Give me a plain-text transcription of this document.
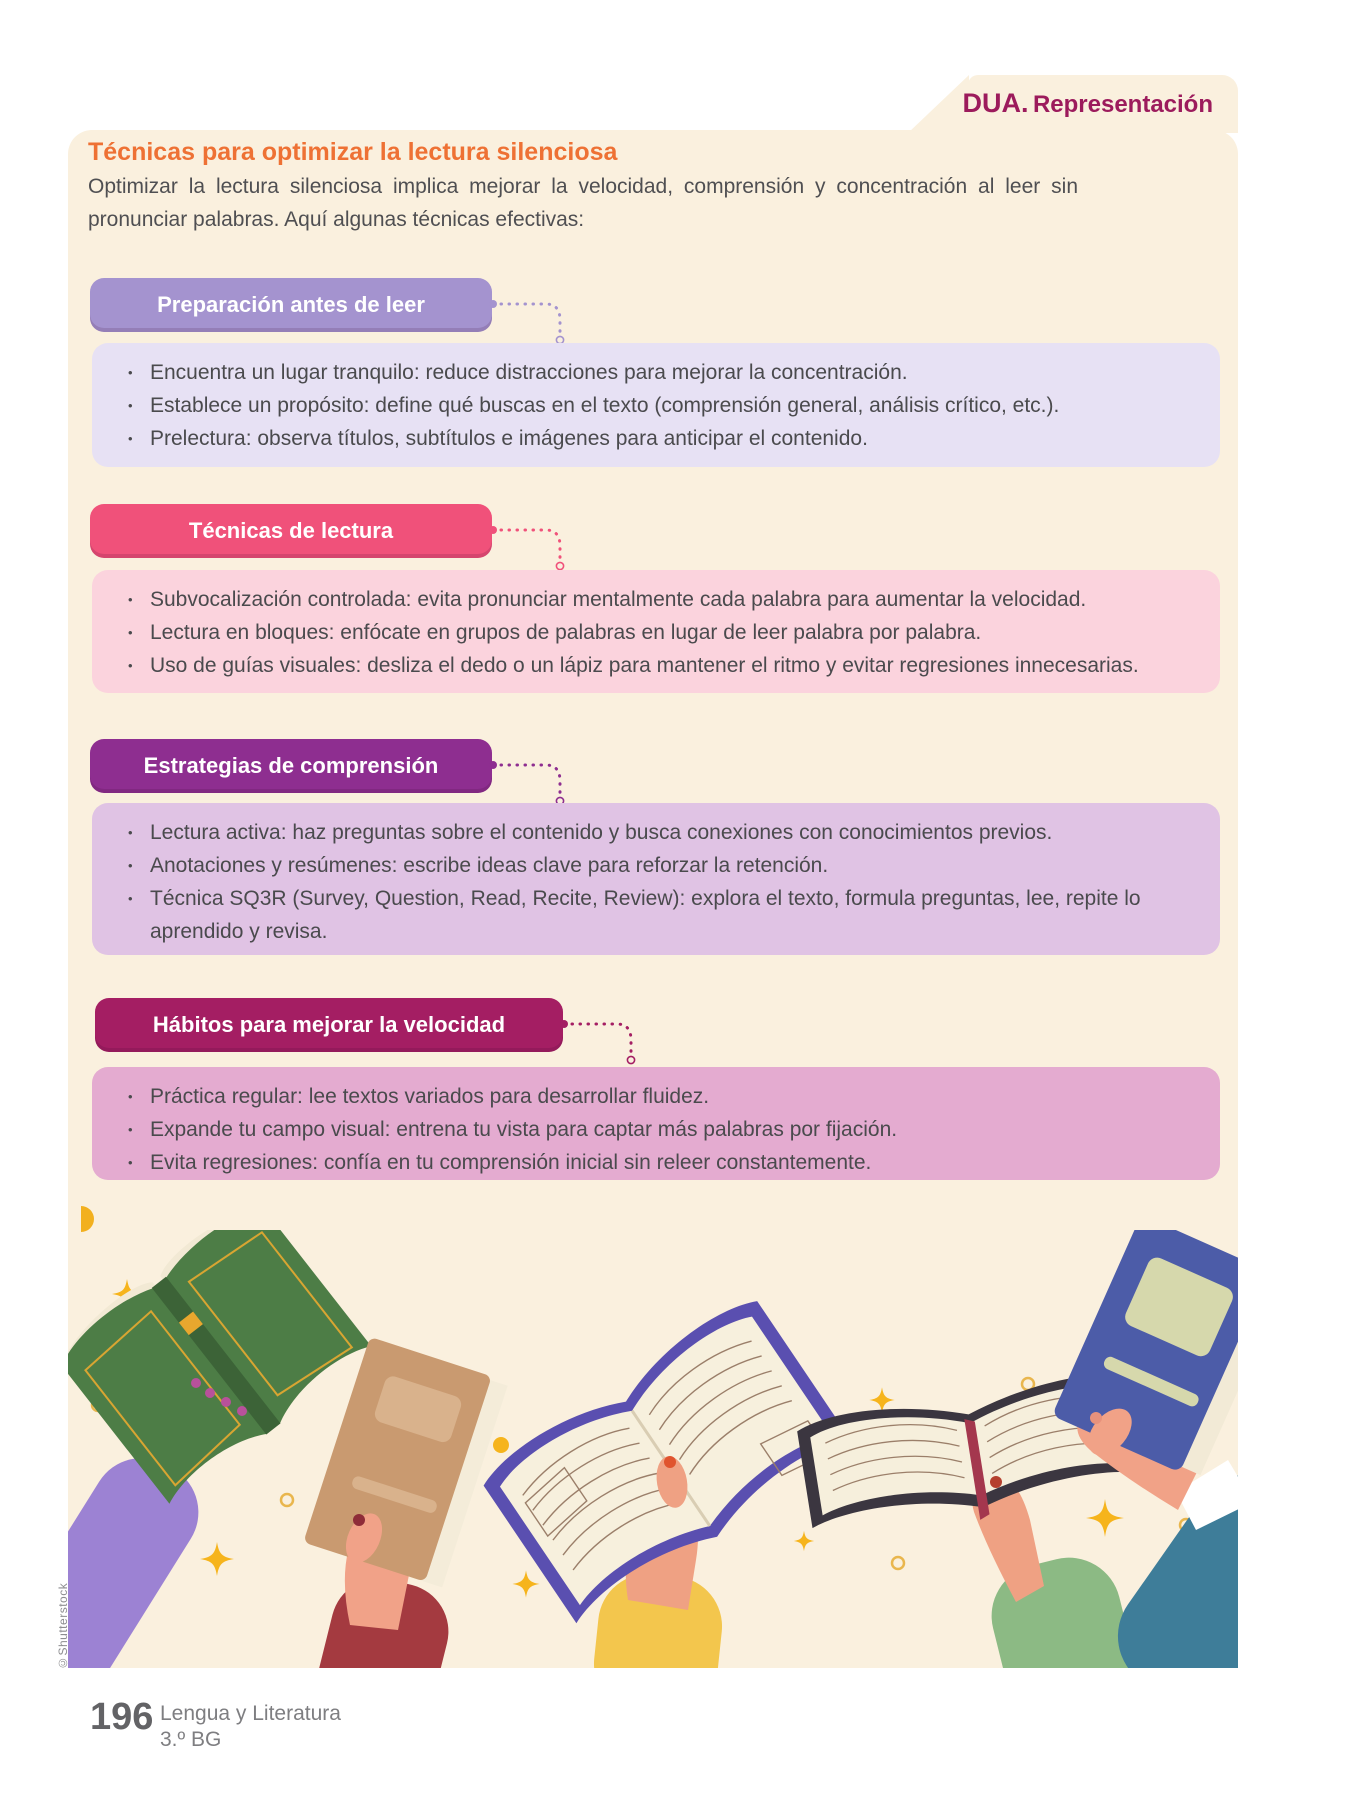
DUA. Representación
Técnicas para optimizar la lectura silenciosa
Optimizar la lectura silenciosa implica mejorar la velocidad, comprensión y concentración al leer sin pronunciar palabras. Aquí algunas técnicas efectivas:
Preparación antes de leer
• Encuentra un lugar tranquilo: reduce distracciones para mejorar la concentración.
• Establece un propósito: define qué buscas en el texto (comprensión general, análisis crítico, etc.).
• Prelectura: observa títulos, subtítulos e imágenes para anticipar el contenido.
Técnicas de lectura
• Subvocalización controlada: evita pronunciar mentalmente cada palabra para aumentar la velocidad.
• Lectura en bloques: enfócate en grupos de palabras en lugar de leer palabra por palabra.
• Uso de guías visuales: desliza el dedo o un lápiz para mantener el ritmo y evitar regresiones innecesarias.
Estrategias de comprensión
• Lectura activa: haz preguntas sobre el contenido y busca conexiones con conocimientos previos.
• Anotaciones y resúmenes: escribe ideas clave para reforzar la retención.
• Técnica SQ3R (Survey, Question, Read, Recite, Review): explora el texto, formula preguntas, lee, repite lo aprendido y revisa.
Hábitos para mejorar la velocidad
• Práctica regular: lee textos variados para desarrollar fluidez.
• Expande tu campo visual: entrena tu vista para captar más palabras por fijación.
• Evita regresiones: confía en tu comprensión inicial sin releer constantemente.
©Shutterstock
196 Lengua y Literatura
3.º BG
